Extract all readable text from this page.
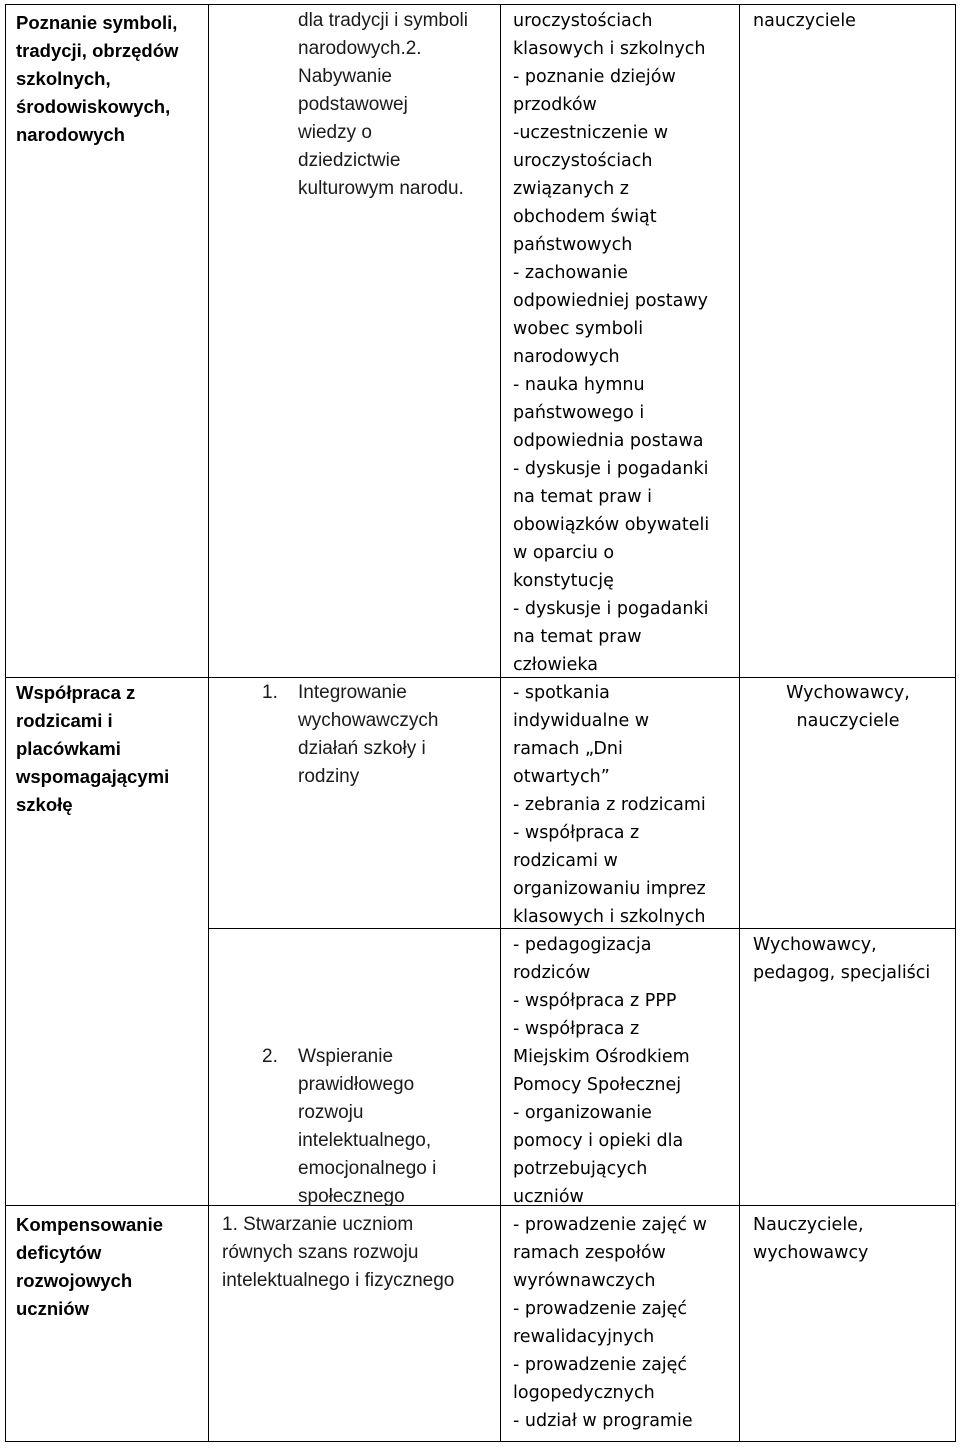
Poznanie symboli,
tradycji, obrzędów
szkolnych,
środowiskowych,
narodowych
dla tradycji i symboli
narodowych.2.
Nabywanie
podstawowej
wiedzy o
dziedzictwie
kulturowym narodu.
uroczystościach
klasowych i szkolnych
- poznanie dziejów
przodków
-uczestniczenie w
uroczystościach
związanych z
obchodem świąt
państwowych
- zachowanie
odpowiedniej postawy
wobec symboli
narodowych
- nauka hymnu
państwowego i
odpowiednia postawa
- dyskusje i pogadanki
na temat praw i
obowiązków obywateli
w oparciu o
konstytucję
- dyskusje i pogadanki
na temat praw
człowieka
nauczyciele
Współpraca z
rodzicami i
placówkami
wspomagającymi
szkołę
1. Integrowanie
wychowawczych
działań szkoły i
rodziny
- spotkania
indywidualne w
ramach „Dni
otwartych”
- zebrania z rodzicami
- współpraca z
rodzicami w
organizowaniu imprez
klasowych i szkolnych
Wychowawcy,
nauczyciele
2. Wspieranie
prawidłowego
rozwoju
intelektualnego,
emocjonalnego i
społecznego
- pedagogizacja
rodziców
- współpraca z PPP
- współpraca z
Miejskim Ośrodkiem
Pomocy Społecznej
- organizowanie
pomocy i opieki dla
potrzebujących
uczniów
Wychowawcy,
pedagog, specjaliści
Kompensowanie
deficytów
rozwojowych
uczniów
1. Stwarzanie uczniom
równych szans rozwoju
intelektualnego i fizycznego
- prowadzenie zajęć w
ramach zespołów
wyrównawczych
- prowadzenie zajęć
rewalidacyjnych
- prowadzenie zajęć
logopedycznych
- udział w programie
Nauczyciele,
wychowawcy
